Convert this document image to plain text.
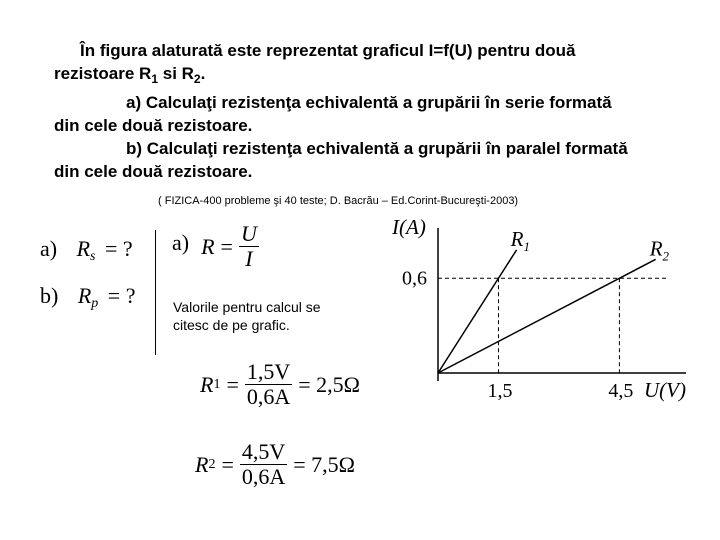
În figura alaturată este reprezentat graficul I=f(U) pentru două
rezistoare $R_1$ si $R_2$.
a) Calculaţi rezistenţa echivalentă a grupării în serie formată
din cele două rezistoare.
b) Calculaţi rezistenţa echivalentă a grupării în paralel formată
din cele două rezistoare.
( FIZICA-400 probleme şi 40 teste; D. Bacrău – Ed.Corint-Bucureşti-2003)
a) $R_s$ = ?
b) $R_p$ = ?
a) $R = \frac{U}{I}$
Valorile pentru calcul se
citesc de pe grafic.
R $1 = \frac{1,5V}{0,6A} = 2,5\Omega$
R $2 = \frac{4,5V}{0,6A} = 7,5\Omega$
I(A)
U(V)
0,6
1,5	4,5
$R_1$	$R_2$
